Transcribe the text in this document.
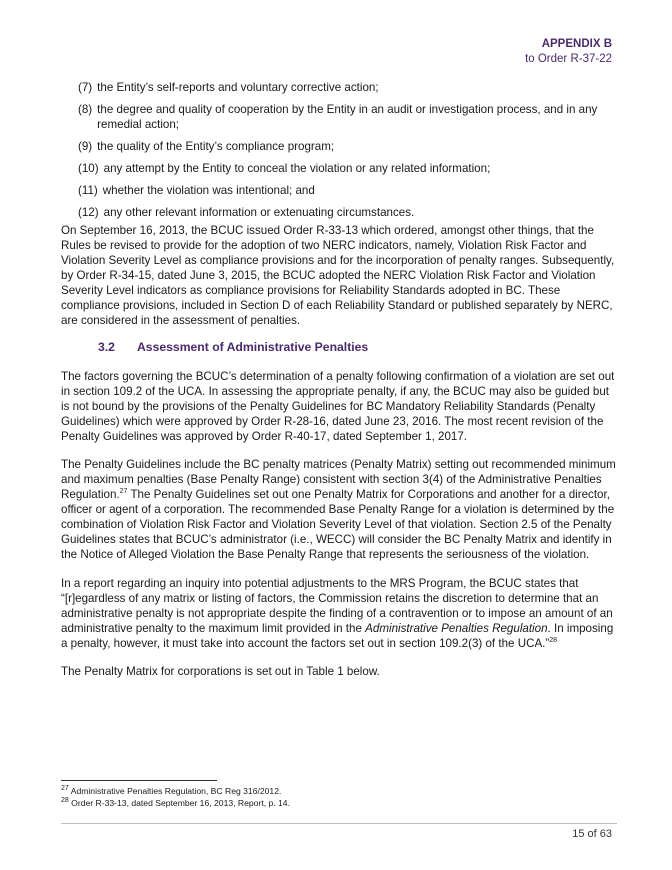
APPENDIX B
to Order R-37-22
(7) the Entity’s self-reports and voluntary corrective action;
(8) the degree and quality of cooperation by the Entity in an audit or investigation process, and in any remedial action;
(9) the quality of the Entity’s compliance program;
(10) any attempt by the Entity to conceal the violation or any related information;
(11) whether the violation was intentional; and
(12) any other relevant information or extenuating circumstances.

On September 16, 2013, the BCUC issued Order R-33-13 which ordered, amongst other things, that the Rules be revised to provide for the adoption of two NERC indicators, namely, Violation Risk Factor and Violation Severity Level as compliance provisions and for the incorporation of penalty ranges. Subsequently, by Order R-34-15, dated June 3, 2015, the BCUC adopted the NERC Violation Risk Factor and Violation Severity Level indicators as compliance provisions for Reliability Standards adopted in BC. These compliance provisions, included in Section D of each Reliability Standard or published separately by NERC, are considered in the assessment of penalties.

3.2 Assessment of Administrative Penalties

The factors governing the BCUC’s determination of a penalty following confirmation of a violation are set out in section 109.2 of the UCA. In assessing the appropriate penalty, if any, the BCUC may also be guided but is not bound by the provisions of the Penalty Guidelines for BC Mandatory Reliability Standards (Penalty Guidelines) which were approved by Order R-28-16, dated June 23, 2016. The most recent revision of the Penalty Guidelines was approved by Order R-40-17, dated September 1, 2017.

The Penalty Guidelines include the BC penalty matrices (Penalty Matrix) setting out recommended minimum and maximum penalties (Base Penalty Range) consistent with section 3(4) of the Administrative Penalties Regulation.$^{27}$ The Penalty Guidelines set out one Penalty Matrix for Corporations and another for a director, officer or agent of a corporation. The recommended Base Penalty Range for a violation is determined by the combination of Violation Risk Factor and Violation Severity Level of that violation. Section 2.5 of the Penalty Guidelines states that BCUC’s administrator (i.e., WECC) will consider the BC Penalty Matrix and identify in the Notice of Alleged Violation the Base Penalty Range that represents the seriousness of the violation.

In a report regarding an inquiry into potential adjustments to the MRS Program, the BCUC states that “[r]egardless of any matrix or listing of factors, the Commission retains the discretion to determine that an administrative penalty is not appropriate despite the finding of a contravention or to impose an amount of an administrative penalty to the maximum limit provided in the Administrative Penalties Regulation. In imposing a penalty, however, it must take into account the factors set out in section 109.2(3) of the UCA.”$^{28}$

The Penalty Matrix for corporations is set out in Table 1 below.

$^{27}$ Administrative Penalties Regulation, BC Reg 316/2012.
$^{28}$ Order R-33-13, dated September 16, 2013, Report, p. 14.
15 of 63
